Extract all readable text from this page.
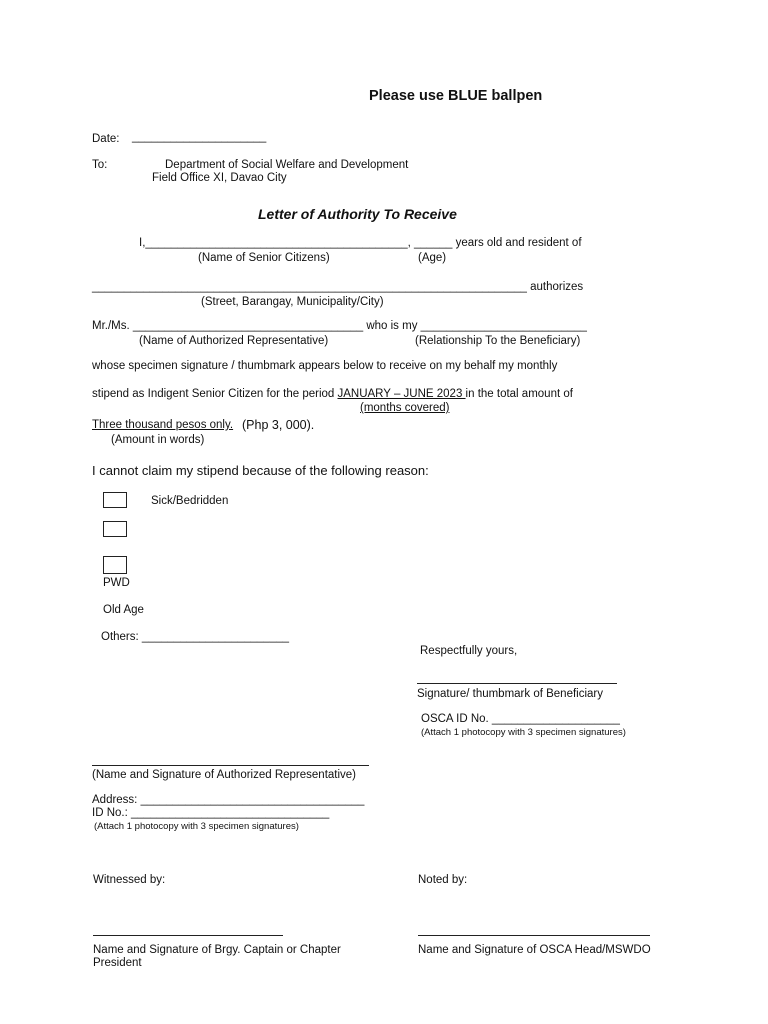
Please use BLUE ballpen
Date: _____________________
To:	Department of Social Welfare and Development
Field Office XI, Davao City
Letter of Authority To Receive
I,_________________________________________, ______ years old and resident of
(Name of Senior Citizens)	(Age)
____________________________________________________________________ authorizes
(Street, Barangay, Municipality/City)
Mr./Ms. ____________________________________ who is my __________________________
(Name of Authorized Representative)	(Relationship To the Beneficiary)
whose specimen signature / thumbmark appears below to receive on my behalf my monthly
stipend as Indigent Senior Citizen for the period JANUARY – JUNE 2023 in the total amount of
(months covered)
Three thousand pesos only. (Php 3, 000).
(Amount in words)
I cannot claim my stipend because of the following reason:
Sick/Bedridden
PWD
Old Age
Others: _______________________
Respectfully yours,
Signature/ thumbmark of Beneficiary
OSCA ID No. ____________________
(Attach 1 photocopy with 3 specimen signatures)
(Name and Signature of Authorized Representative)
Address: ___________________________________
ID No.: _______________________________
(Attach 1 photocopy with 3 specimen signatures)
Witnessed by:	Noted by:
Name and Signature of Brgy. Captain or Chapter
President
Name and Signature of OSCA Head/MSWDO
